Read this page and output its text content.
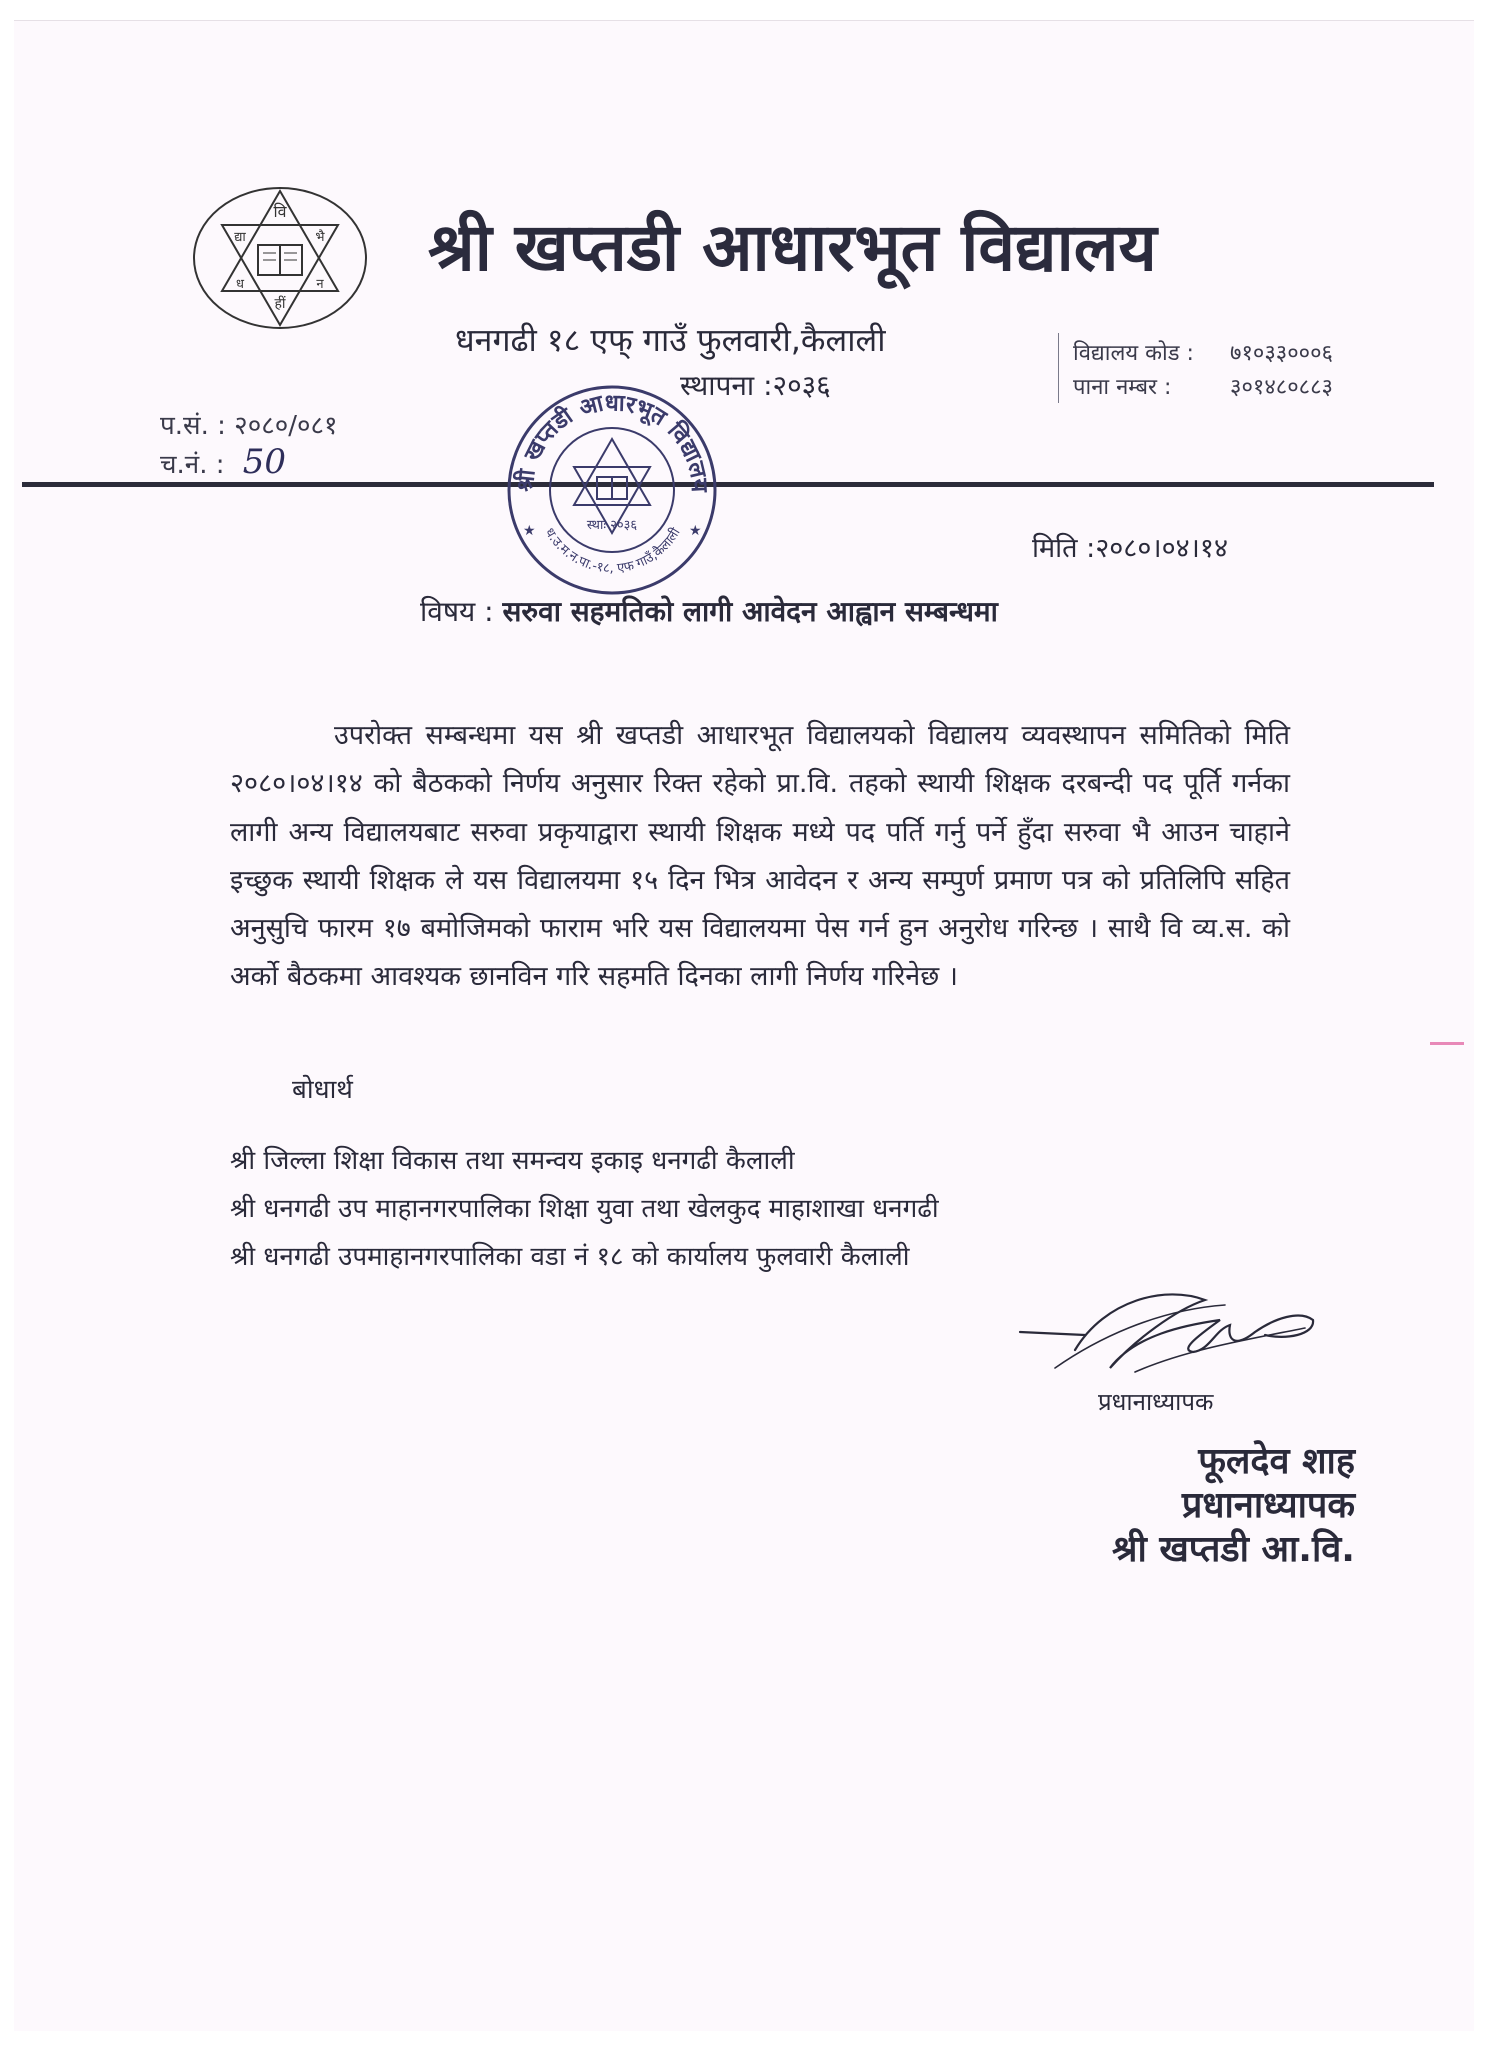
वि
द्या	भै
ध	न
हीं
श्री खप्तडी आधारभूत विद्यालय
धनगढी १८ एफ् गाउँ फुलवारी,कैलाली
स्थापना :२०३६
विद्यालय कोड : ७१०३३०००६
पाना नम्बर :	३०१४८०८८३
प.सं. : २०८०/०८१
च.नं. : 50	श्री खप्तडी आधारभूत विद्यालय
ध.उ.म.न.पा.-१८, एफ गाउँ,कैलाली
स्थाः २०३६
★	★
मिति :२०८०।०४।१४
विषय : सरुवा सहमतिको लागी आवेदन आह्वान सम्बन्धमा
उपरोक्त सम्बन्धमा यस श्री खप्तडी आधारभूत विद्यालयको विद्यालय व्यवस्थापन समितिको मिति २०८०।०४।१४ को बैठकको निर्णय अनुसार रिक्त रहेको प्रा.वि. तहको स्थायी शिक्षक दरबन्दी पद पूर्ति गर्नका लागी अन्य विद्यालयबाट सरुवा प्रकृयाद्वारा स्थायी शिक्षक मध्ये पद पर्ति गर्नु पर्ने हुँदा सरुवा भै आउन चाहाने इच्छुक स्थायी शिक्षक ले यस विद्यालयमा १५ दिन भित्र आवेदन र अन्य सम्पुर्ण प्रमाण पत्र को प्रतिलिपि सहित अनुसुचि फारम १७ बमोजिमको फाराम भरि यस विद्यालयमा पेस गर्न हुन अनुरोध गरिन्छ । साथै वि व्य.स. को अर्को बैठकमा आवश्यक छानविन गरि सहमति दिनका लागी निर्णय गरिनेछ ।
बोधार्थ
श्री जिल्ला शिक्षा विकास तथा समन्वय इकाइ धनगढी कैलाली
श्री धनगढी उप माहानगरपालिका शिक्षा युवा तथा खेलकुद माहाशाखा धनगढी
श्री धनगढी उपमाहानगरपालिका वडा नं १८ को कार्यालय फुलवारी कैलाली
प्रधानाध्यापक
फूलदेव शाह
प्रधानाध्यापक
श्री खप्तडी आ.वि.
